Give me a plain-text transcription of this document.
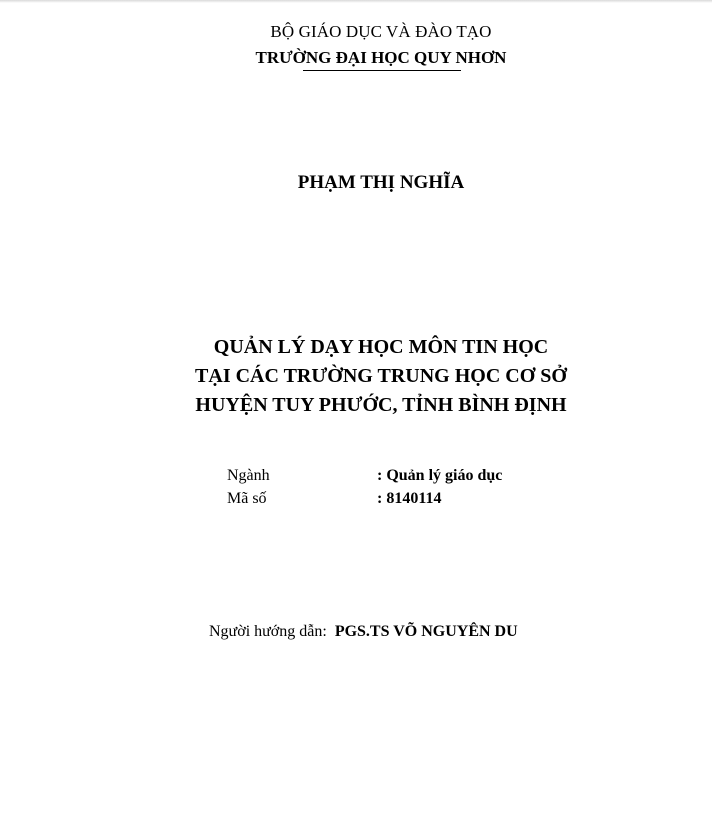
BỘ GIÁO DỤC VÀ ĐÀO TẠO
TRƯỜNG ĐẠI HỌC QUY NHƠN
PHẠM THỊ NGHĨA
QUẢN LÝ DẠY HỌC MÔN TIN HỌC
TẠI CÁC TRƯỜNG TRUNG HỌC CƠ SỞ
HUYỆN TUY PHƯỚC, TỈNH BÌNH ĐỊNH
Ngành	: Quản lý giáo dục
Mã số	: 8140114
Người hướng dẫn: PGS.TS VÕ NGUYÊN DU
